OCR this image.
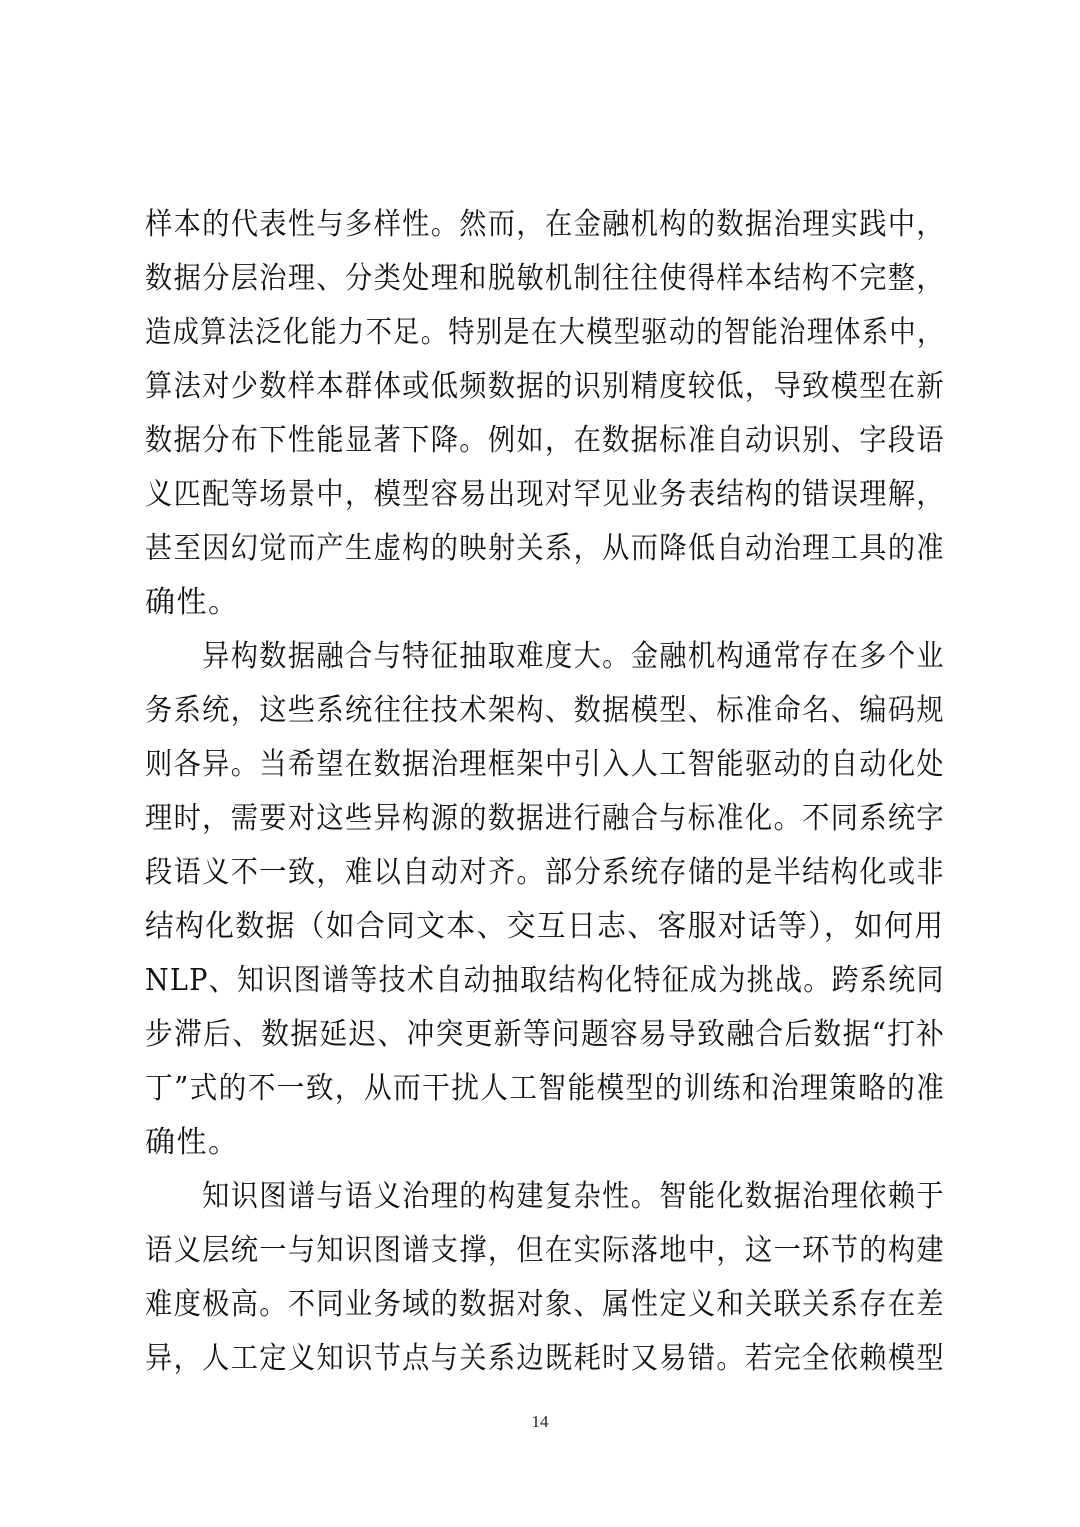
样本的代表性与多样性。然而，在金融机构的数据治理实践中，
数据分层治理、分类处理和脱敏机制往往使得样本结构不完整，
造成算法泛化能力不足。特别是在大模型驱动的智能治理体系中，
算法对少数样本群体或低频数据的识别精度较低，导致模型在新
数据分布下性能显著下降。例如，在数据标准自动识别、字段语
义匹配等场景中，模型容易出现对罕见业务表结构的错误理解，
甚至因幻觉而产生虚构的映射关系，从而降低自动治理工具的准
确性。
　　异构数据融合与特征抽取难度大。金融机构通常存在多个业
务系统，这些系统往往技术架构、数据模型、标准命名、编码规
则各异。当希望在数据治理框架中引入人工智能驱动的自动化处
理时，需要对这些异构源的数据进行融合与标准化。不同系统字
段语义不一致，难以自动对齐。部分系统存储的是半结构化或非
结构化数据（如合同文本、交互日志、客服对话等），如何用
NLP、知识图谱等技术自动抽取结构化特征成为挑战。跨系统同
步滞后、数据延迟、冲突更新等问题容易导致融合后数据“打补
丁”式的不一致，从而干扰人工智能模型的训练和治理策略的准
确性。
　　知识图谱与语义治理的构建复杂性。智能化数据治理依赖于
语义层统一与知识图谱支撑，但在实际落地中，这一环节的构建
难度极高。不同业务域的数据对象、属性定义和关联关系存在差
异，人工定义知识节点与关系边既耗时又易错。若完全依赖模型
14
